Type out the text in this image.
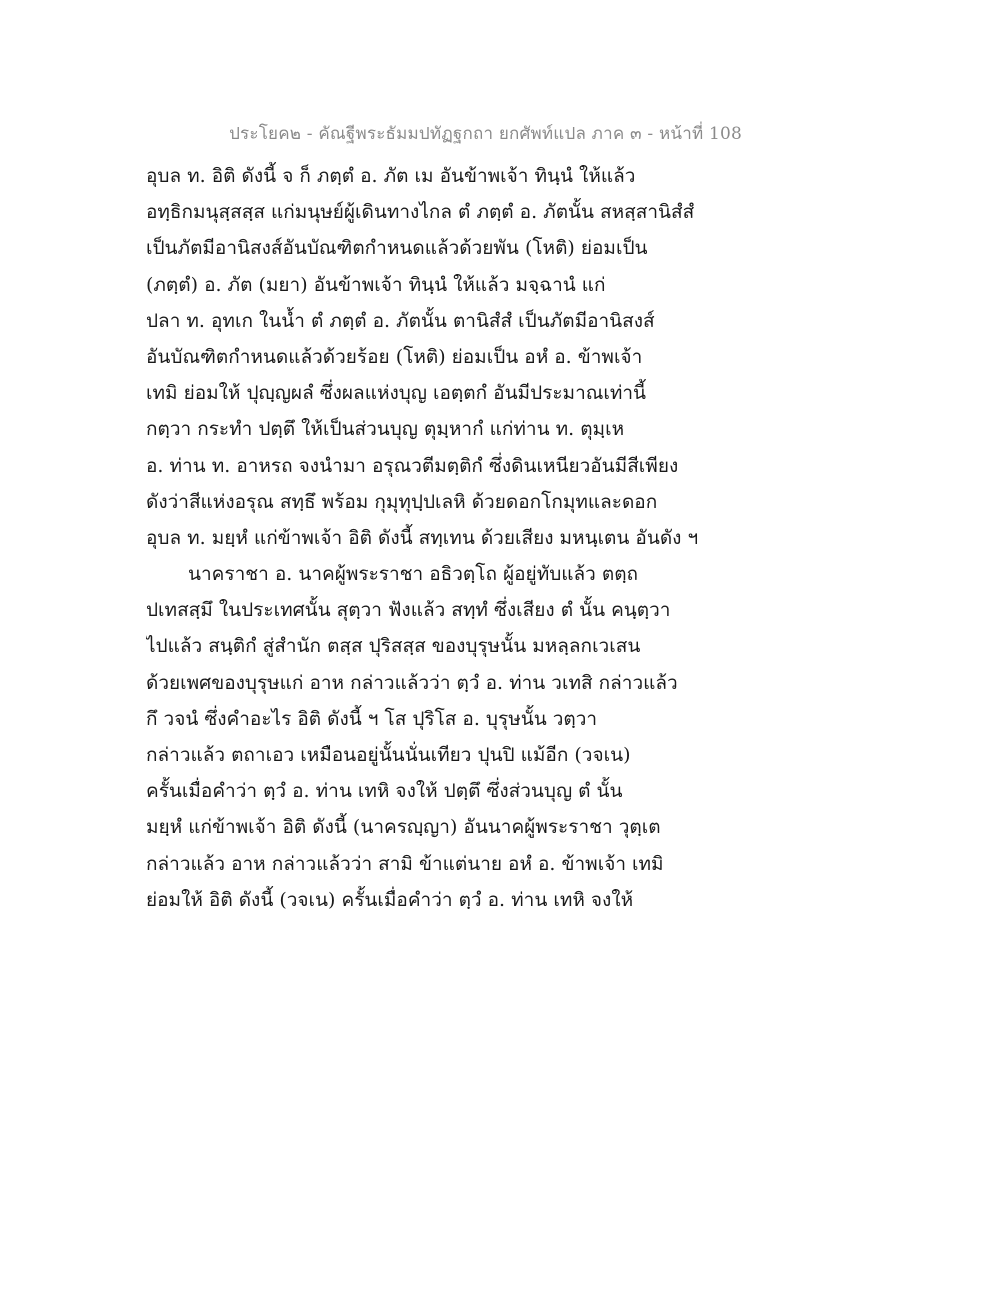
ประโยค๒ - คัณฐีพระธัมมปทัฏฐกถา ยกศัพท์แปล ภาค ๓ - หน้าที่ 108
อุบล ท. อิติ ดังนี้ จ ก็ ภตฺตํ อ. ภัต เม อันข้าพเจ้า ทินฺนํ ให้แล้ว
อทฺธิกมนุสฺสสฺส แก่มนุษย์ผู้เดินทางไกล ตํ ภตฺตํ อ. ภัตนั้น สหสฺสานิสํสํ
เป็นภัตมีอานิสงส์อันบัณฑิตกำหนดแล้วด้วยพัน (โหติ) ย่อมเป็น
(ภตฺตํ) อ. ภัต (มยา) อันข้าพเจ้า ทินฺนํ ให้แล้ว มจฺฉานํ แก่
ปลา ท. อุทเก ในน้ำ ตํ ภตฺตํ อ. ภัตนั้น ตานิสํสํ เป็นภัตมีอานิสงส์
อันบัณฑิตกำหนดแล้วด้วยร้อย (โหติ) ย่อมเป็น อหํ อ. ข้าพเจ้า
เทมิ ย่อมให้ ปุญฺญผลํ ซึ่งผลแห่งบุญ เอตฺตกํ อันมีประมาณเท่านี้
กตฺวา กระทำ ปตฺตึ ให้เป็นส่วนบุญ ตุมฺหากํ แก่ท่าน ท. ตุมฺเห
อ. ท่าน ท. อาหรถ จงนำมา อรุณวตีมตฺติกํ ซึ่งดินเหนียวอันมีสีเพียง
ดังว่าสีแห่งอรุณ สทฺธึ พร้อม กุมุทุปฺปเลหิ ด้วยดอกโกมุทและดอก
อุบล ท. มยฺหํ แก่ข้าพเจ้า อิติ ดังนี้ สทฺเทน ด้วยเสียง มหนฺเตน อันดัง ฯ
นาคราชา อ. นาคผู้พระราชา อธิวตฺโถ ผู้อยู่ทับแล้ว ตตฺถ
ปเทสสฺมึ ในประเทศนั้น สุตฺวา ฟังแล้ว สทฺทํ ซึ่งเสียง ตํ นั้น คนฺตฺวา
ไปแล้ว สนฺติกํ สู่สำนัก ตสฺส ปุริสสฺส ของบุรุษนั้น มหลฺลกเวเสน
ด้วยเพศของบุรุษแก่ อาห กล่าวแล้วว่า ตฺวํ อ. ท่าน วเทสิ กล่าวแล้ว
กึ วจนํ ซึ่งคำอะไร อิติ ดังนี้ ฯ โส ปุริโส อ. บุรุษนั้น วตฺวา
กล่าวแล้ว ตถาเอว เหมือนอยู่นั้นนั่นเทียว ปุนปิ แม้อีก (วจเน)
ครั้นเมื่อคำว่า ตฺวํ อ. ท่าน เทหิ จงให้ ปตฺตึ ซึ่งส่วนบุญ ตํ นั้น
มยฺหํ แก่ข้าพเจ้า อิติ ดังนี้ (นาครญฺญา) อันนาคผู้พระราชา วุตฺเต
กล่าวแล้ว อาห กล่าวแล้วว่า สามิ ข้าแต่นาย อหํ อ. ข้าพเจ้า เทมิ
ย่อมให้ อิติ ดังนี้ (วจเน) ครั้นเมื่อคำว่า ตฺวํ อ. ท่าน เทหิ จงให้
